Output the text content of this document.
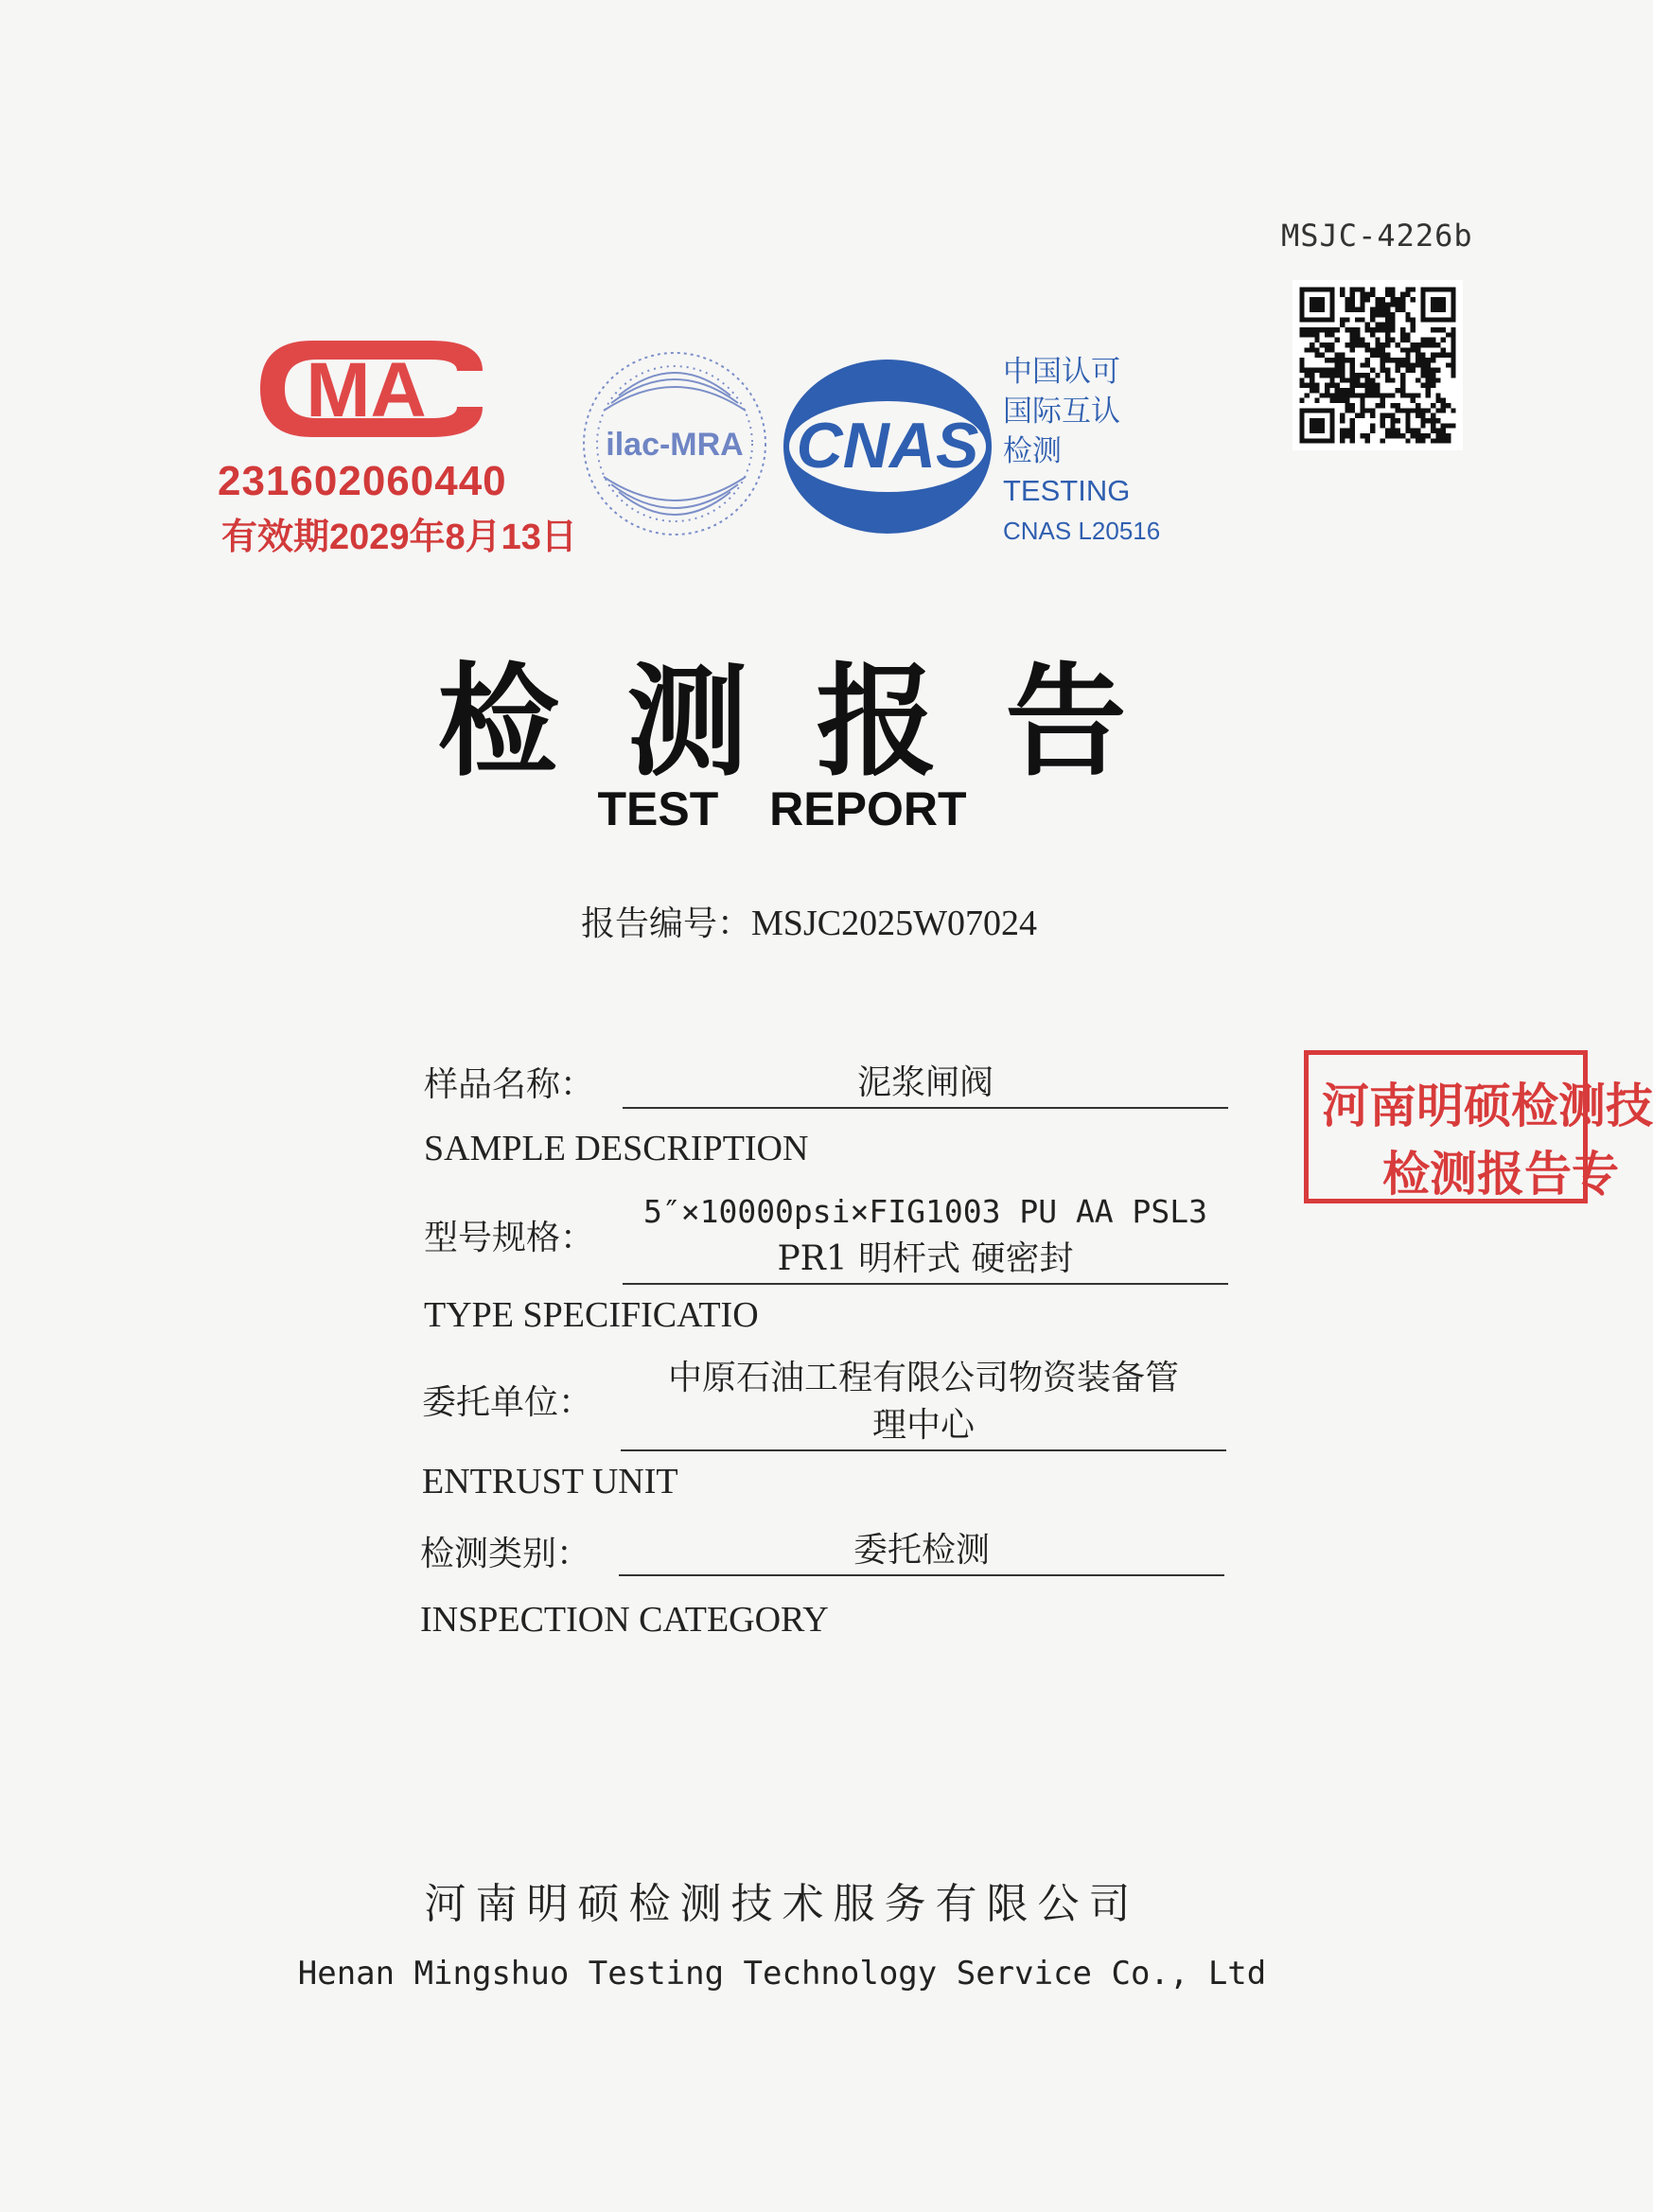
MSJC-4226b
MA
231602060440
有效期2029年8月13日
ilac-MRA CNAS
中国认可
国际互认
检测
TESTING
CNAS L20516
检测报告
TEST REPORT
报告编号：MSJC2025W07024
样品名称：	泥浆闸阀
SAMPLE DESCRIPTION
型号规格：
5″×10000psi×FIG1003 PU AA PSL3
PR1 明杆式 硬密封
TYPE SPECIFICATIO
委托单位：
中原石油工程有限公司物资装备管
理中心
ENTRUST UNIT
检测类别：	委托检测
INSPECTION CATEGORY
河南明硕检测技
检测报告专
河南明硕检测技术服务有限公司
Henan Mingshuo Testing Technology Service Co., Ltd
